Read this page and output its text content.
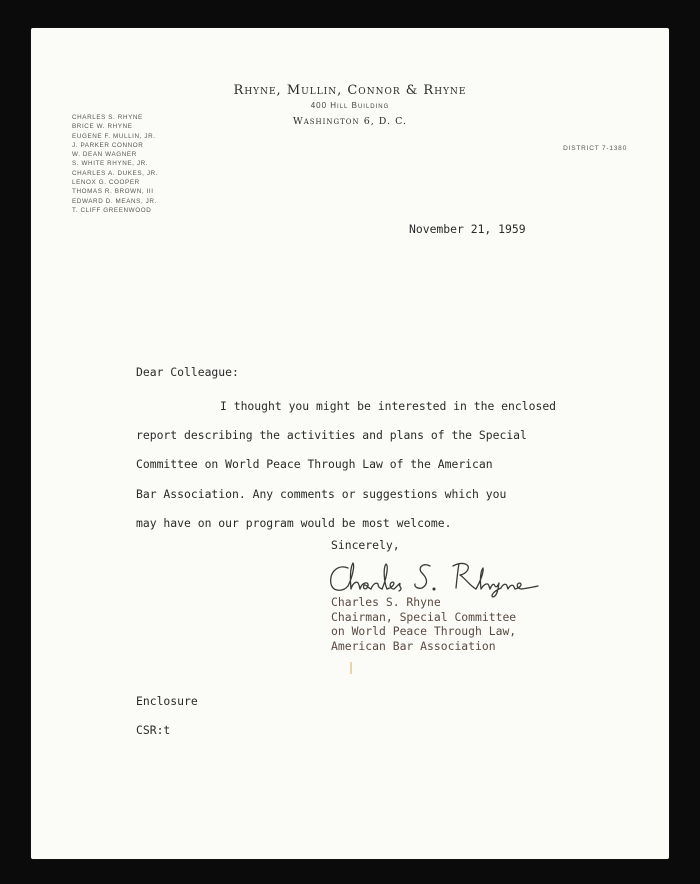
Rhyne, Mullin, Connor & Rhyne
400 Hill Building
Washington 6, D. C.
CHARLES S. RHYNE
BRICE W. RHYNE
EUGENE F. MULLIN, JR.
J. PARKER CONNOR
W. DEAN WAGNER
S. WHITE RHYNE, JR.
CHARLES A. DUKES, JR.
LENOX G. COOPER
THOMAS R. BROWN, III
EDWARD D. MEANS, JR.
T. CLIFF GREENWOOD
DISTRICT 7-1380
November 21, 1959
Dear Colleague:
I thought you might be interested in the enclosed
report describing the activities and plans of the Special
Committee on World Peace Through Law of the American
Bar Association. Any comments or suggestions which you
may have on our program would be most welcome.
Sincerely,
Charles S. Rhyne
Chairman, Special Committee
on World Peace Through Law,
American Bar Association
Enclosure
CSR:t
